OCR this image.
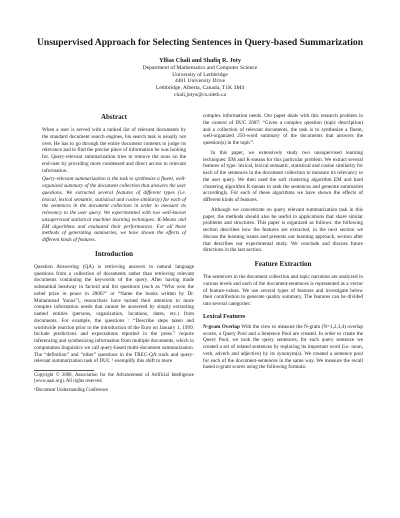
Unsupervised Approach for Selecting Sentences in Query-based Summarization
Yllias Chali and Shafiq R. Joty
Department of Mathematics and Computer Science
University of Lethbridge
4401 University Drive
Lethbridge, Alberta, Canada, T1K 3M4
chali,jotys@cs.uleth.ca
Abstract

When a user is served with a ranked list of relevant documents by the standard document search engines, his search task is usually not over. He has to go through the entire document contents to judge its relevance and to find the precise piece of information he was looking for. Query-relevant summarization tries to remove the onus on the end-user by providing more condensed and direct access to relevant information.

Query-relevant summarization is the task to synthesize a fluent, well-organized summary of the document collection that answers the user questions. We extracted several features of different types (i.e. lexical, lexical semantic, statistical and cosine similarity) for each of the sentences in the document collection in order to measure its relevancy to the user query. We experimented with two well-known unsupervised statistical machine learning techniques: K-Means and EM algorithms and evaluated their performances. For all these methods of generating summaries, we have shown the effects of different kinds of features.

Introduction

Question Answering (QA) is retrieving answers to natural language questions from a collection of documents rather than retrieving relevant documents containing the keywords of the query. After having made substantial headway in factoid and list questions (such as “Who won the nobel prize in peace in 2006?” or “Name the books written by Dr. Muhammad Yunus”), researchers have turned their attention to more complex information needs that cannot be answered by simply extracting named entities (persons, organization, locations, dates, etc.) from documents. For example, the questions : “Describe steps taken and worldwide reaction prior to the introduction of the Euro on January 1, 1999. Include predictions and expectations reported in the press.” require inferencing and synthesizing information from multiple documents, which in computation linguistics we call query-based multi-document summarization. The “definition” and “other” questions in the TREC-QA track and query-relevant summarization task of DUC ¹ exemplify this shift to more

Copyright © 2008, Association for the Advancement of Artificial Intelligence (www.aaai.org). All rights reserved.

¹Document Understanding Conference

complex information needs. Our paper deals with this research problem in the context of DUC 2007: “Given a complex question (topic description) and a collection of relevant documents, the task is to synthesize a fluent, well-organized 250-word summary of the documents that answers the question(s) in the topic”.

In this paper, we extensively study two unsupervised learning techniques: EM and K-means for this particular problem. We extract several features of type: lexical, lexical semantic, statistical and cosine similarity for each of the sentences in the document collection to measure its relevancy to the user query. We then used the soft clustering algorithm EM and hard clustering algorithm K-means to rank the sentences and generate summaries accordingly. For each of these algorithms we have shown the effects of different kinds of features.

Although we concentrate on query relevant summarization task in this paper, the methods should also be useful in applications that share similar problems and structures. This paper is organized as follows: the following section describes how the features are extracted, in the next section we discuss the learning issues and presents our learning approach, section after that describes our experimental study. We conclude and discuss future directions in the last section.

Feature Extraction

The sentences in the document collection and topic narration are analyzed in various levels and each of the document-sentences is represented as a vector of feature-values. We use several types of features and investigate below their contribution to generate quality summary. The features can be divided into several categories:

Lexical Features

N-gram Overlap With the view to measure the N-gram (N=1,2,3,4) overlap scores, a Query Pool and a Sentence Pool are created. In order to create the Query Pool, we took the query sentences, for each query sentence we created a set of related sentences by replacing its important word (i.e. noun, verb, adverb and adjective) by its synonym(s). We created a sentence pool for each of the document-sentences in the same way. We measure the recall based n-gram scores using the following formula:
